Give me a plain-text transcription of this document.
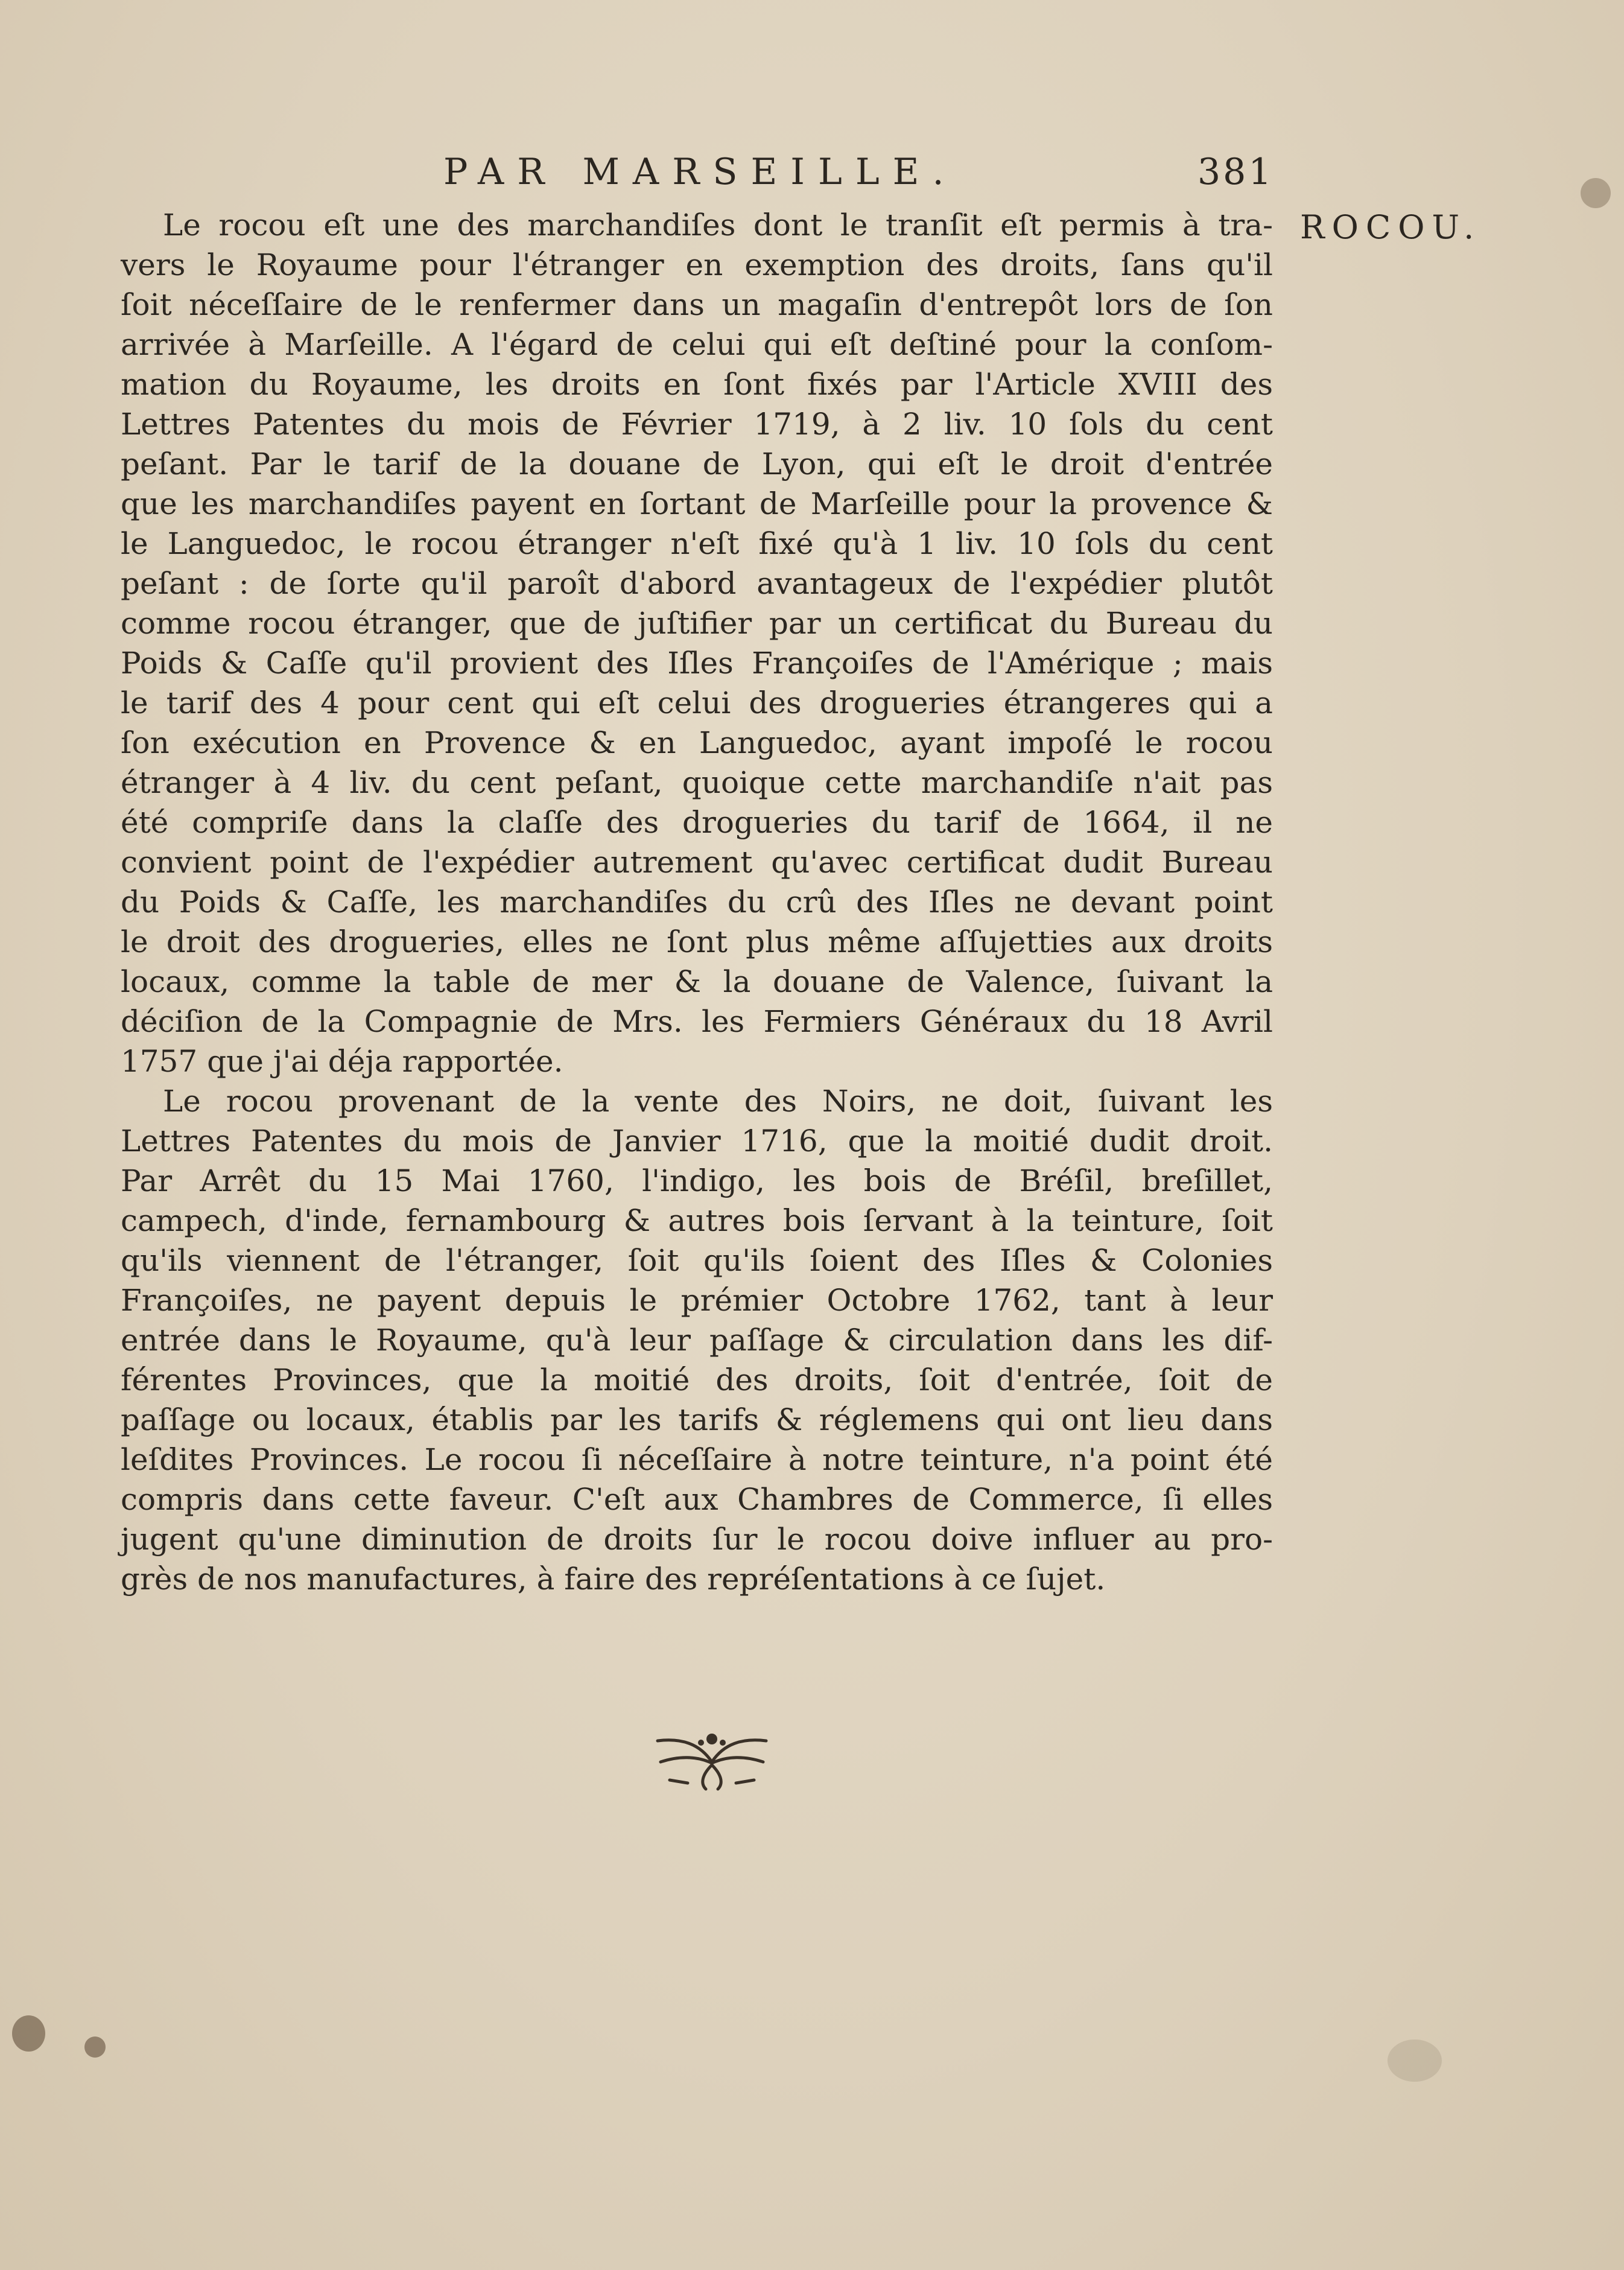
PAR MARSEILLE.	381
ROCOU.
Le rocou eſt une des marchandiſes dont le tranſit eſt permis à tra-
vers le Royaume pour l'étranger en exemption des droits, ſans qu'il
ſoit néceſſaire de le renfermer dans un magaſin d'entrepôt lors de ſon
arrivée à Marſeille. A l'égard de celui qui eſt deſtiné pour la conſom-
mation du Royaume, les droits en ſont fixés par l'Article XVIII des
Lettres Patentes du mois de Février 1719, à 2 liv. 10 ſols du cent
peſant. Par le tarif de la douane de Lyon, qui eſt le droit d'entrée
que les marchandiſes payent en ſortant de Marſeille pour la provence &
le Languedoc, le rocou étranger n'eſt fixé qu'à 1 liv. 10 ſols du cent
peſant : de ſorte qu'il paroît d'abord avantageux de l'expédier plutôt
comme rocou étranger, que de juſtifier par un certificat du Bureau du
Poids & Caſſe qu'il provient des Iſles Françoiſes de l'Amérique ; mais
le tarif des 4 pour cent qui eſt celui des drogueries étrangeres qui a
ſon exécution en Provence & en Languedoc, ayant impoſé le rocou
étranger à 4 liv. du cent peſant, quoique cette marchandiſe n'ait pas
été compriſe dans la claſſe des drogueries du tarif de 1664, il ne
convient point de l'expédier autrement qu'avec certificat dudit Bureau
du Poids & Caſſe, les marchandiſes du crû des Iſles ne devant point
le droit des drogueries, elles ne ſont plus même aſſujetties aux droits
locaux, comme la table de mer & la douane de Valence, ſuivant la
déciſion de la Compagnie de Mrs. les Fermiers Généraux du 18 Avril
1757 que j'ai déja rapportée.
Le rocou provenant de la vente des Noirs, ne doit, ſuivant les
Lettres Patentes du mois de Janvier 1716, que la moitié dudit droit.
Par Arrêt du 15 Mai 1760, l'indigo, les bois de Bréſil, breſillet,
campech, d'inde, fernambourg & autres bois ſervant à la teinture, ſoit
qu'ils viennent de l'étranger, ſoit qu'ils ſoient des Iſles & Colonies
Françoiſes, ne payent depuis le prémier Octobre 1762, tant à leur
entrée dans le Royaume, qu'à leur paſſage & circulation dans les dif-
férentes Provinces, que la moitié des droits, ſoit d'entrée, ſoit de
paſſage ou locaux, établis par les tarifs & réglemens qui ont lieu dans
leſdites Provinces. Le rocou ſi néceſſaire à notre teinture, n'a point été
compris dans cette faveur. C'eſt aux Chambres de Commerce, ſi elles
jugent qu'une diminution de droits ſur le rocou doive influer au pro-
grès de nos manufactures, à faire des repréſentations à ce ſujet.
